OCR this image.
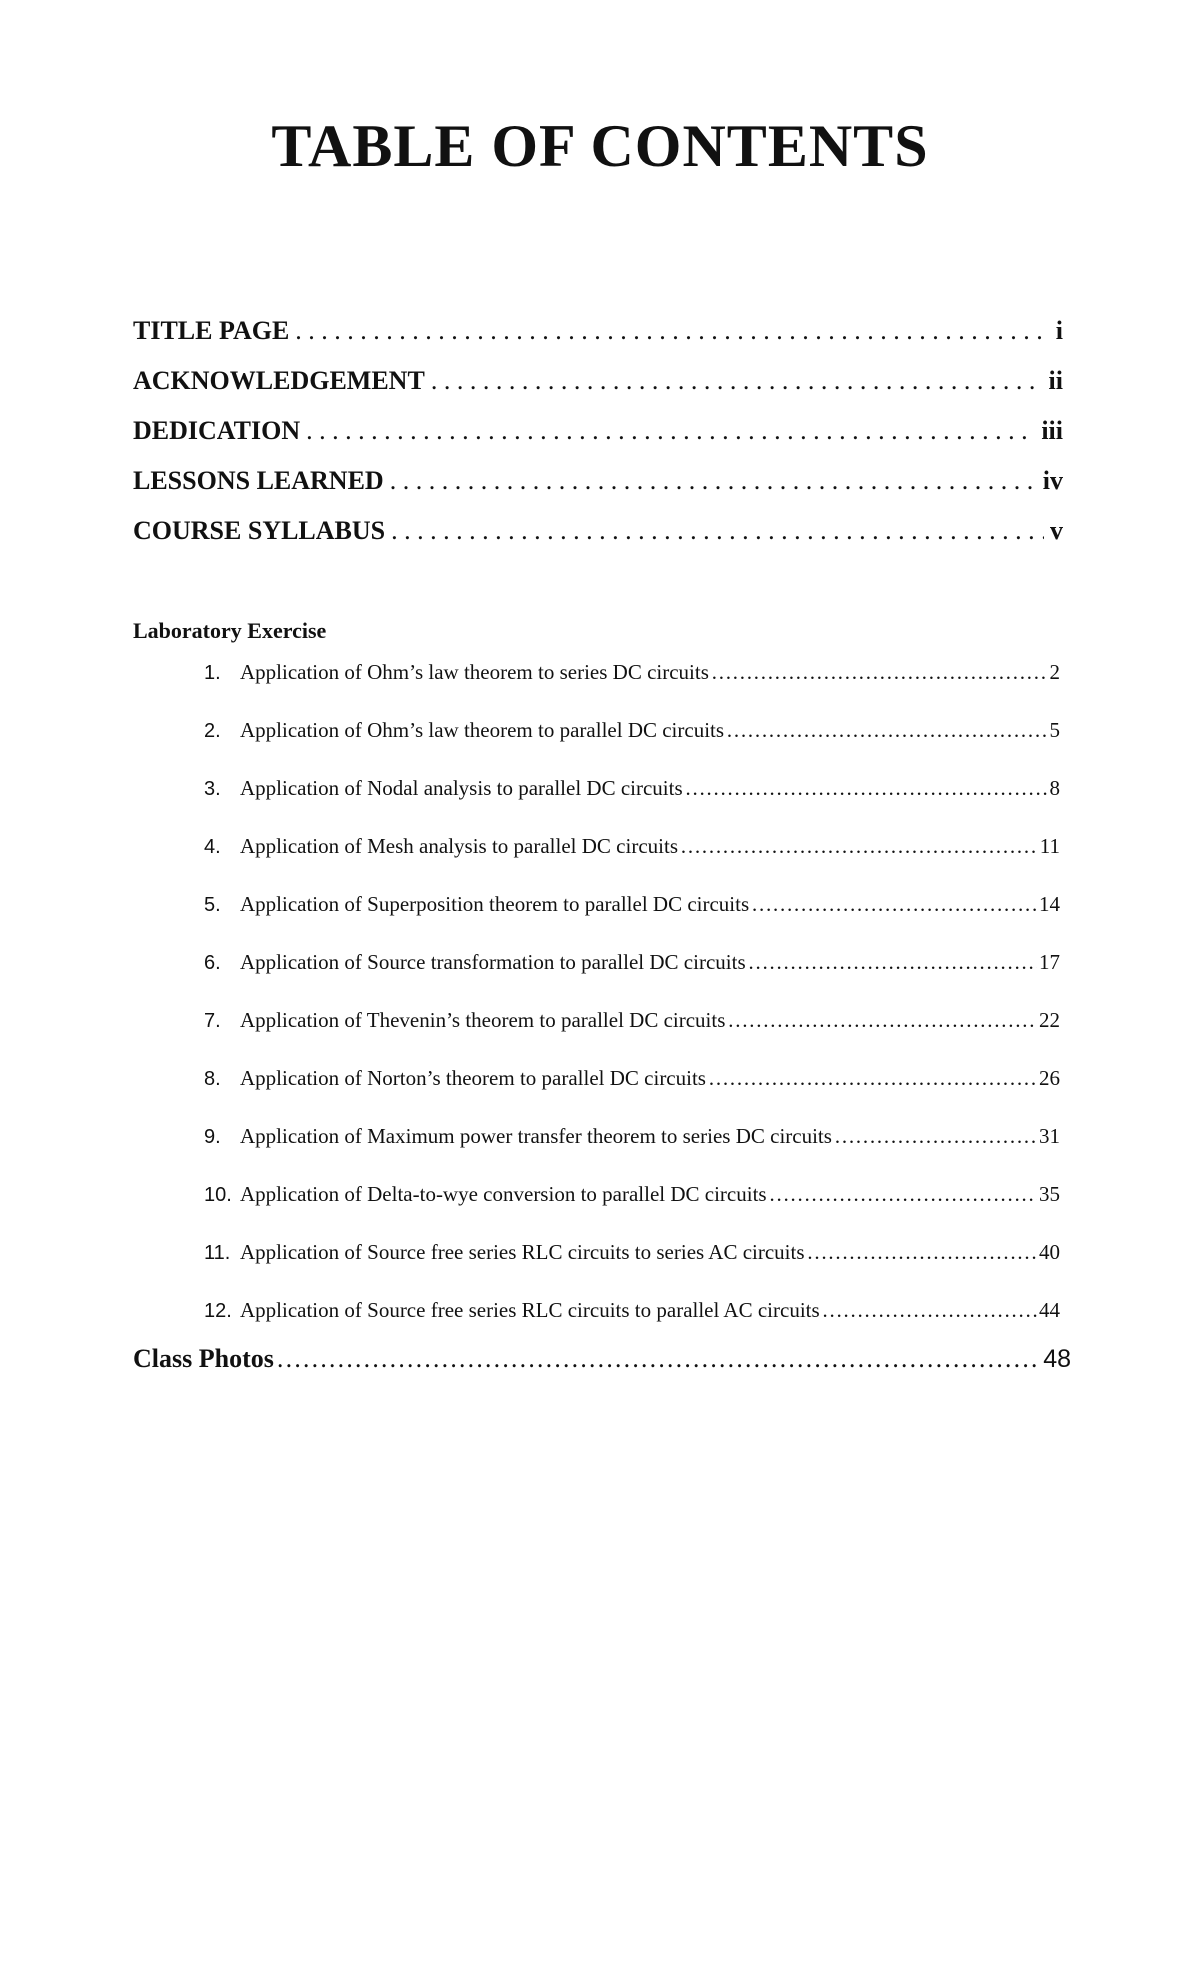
TABLE OF CONTENTS
TITLE PAGE . . .	i
ACKNOWLEDGEMENT . . .	ii
DEDICATION . . .	iii
LESSONS LEARNED . . .	iv
COURSE SYLLABUS . . .	v
Laboratory Exercise
1. Application of Ohm’s law theorem to series DC circuits …………………………………………………………………………………………………………………………………………………………	2
2. Application of Ohm’s law theorem to parallel DC circuits …………………………………………………………………………………………………………………………………………………………	5
3. Application of Nodal analysis to parallel DC circuits …………………………………………………………………………………………………………………………………………………………	8
4. Application of Mesh analysis to parallel DC circuits …………………………………………………………………………………………………………………………………………………………	11
5. Application of Superposition theorem to parallel DC circuits …………………………………………………………………………………………………………………………………………………………	14
6. Application of Source transformation to parallel DC circuits …………………………………………………………………………………………………………………………………………………………	17
7. Application of Thevenin’s theorem to parallel DC circuits …………………………………………………………………………………………………………………………………………………………	22
8. Application of Norton’s theorem to parallel DC circuits …………………………………………………………………………………………………………………………………………………………	26
9. Application of Maximum power transfer theorem to series DC circuits …………………………………………………………………………………………………………………………………………………………	31
10. Application of Delta-to-wye conversion to parallel DC circuits …………………………………………………………………………………………………………………………………………………………	35
11. Application of Source free series RLC circuits to series AC circuits …………………………………………………………………………………………………………………………………………………………	40
12. Application of Source free series RLC circuits to parallel AC circuits …………………………………………………………………………………………………………………………………………………………	44
Class Photos …………………………………………………………………………………………………………………………………………………………	48
